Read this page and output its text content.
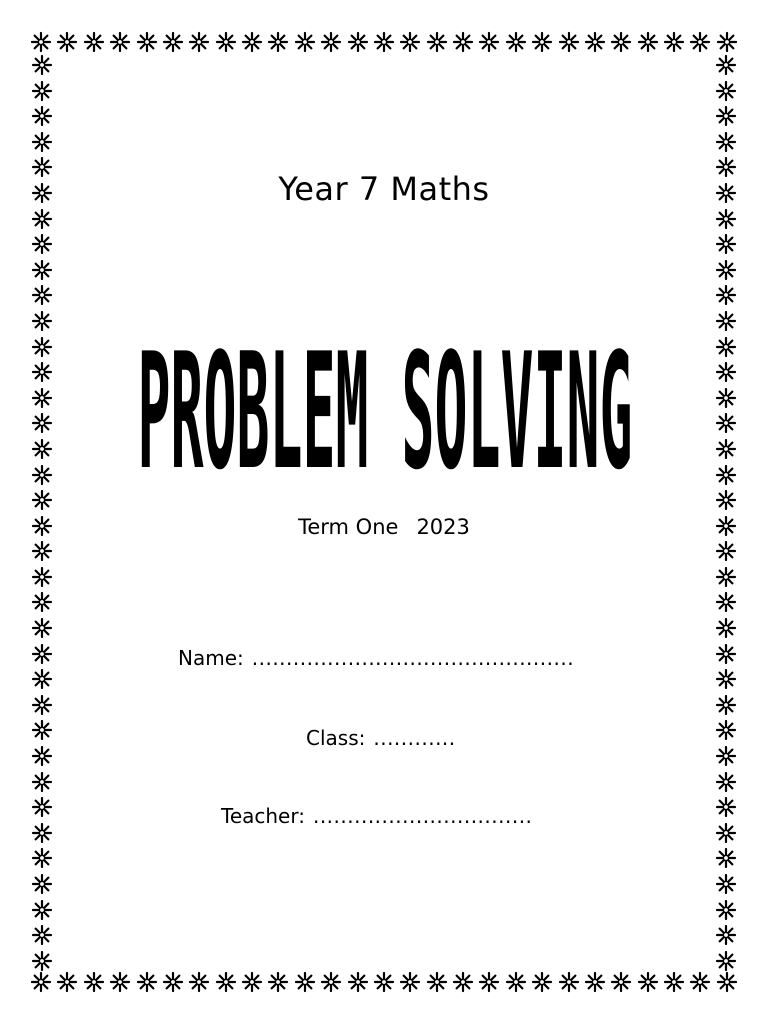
Year 7 Maths
PROBLEM SOLVING
Term One 2023
Name: ...............................................
Class: ............
Teacher: ................................
